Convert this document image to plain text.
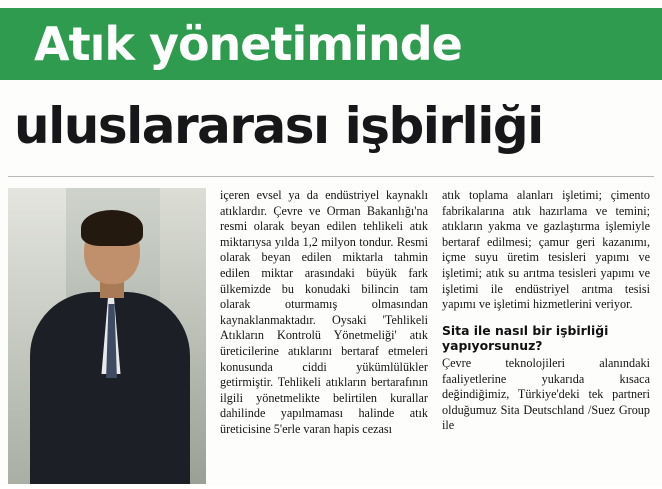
Atık yönetiminde
uluslararası işbirliği

içeren evsel ya da endüstriyel kaynaklı atıklardır. Çevre ve Orman Bakanlığı'na resmi olarak beyan edilen tehlikeli atık miktarıysa yılda 1,2 milyon tondur. Resmi olarak beyan edilen miktarla tahmin edilen miktar arasındaki büyük fark ülkemizde bu konudaki bilincin tam olarak oturmamış olmasından kaynaklanmaktadır. Oysaki 'Tehlikeli Atıkların Kontrolü Yönetmeliği' atık üreticilerine atıklarını bertaraf etmeleri konusunda ciddi yükümlülükler getirmiştir. Tehlikeli atıkların bertarafının ilgili yönetmelikte belirtilen kurallar dahilinde yapılmaması halinde atık üreticisine 5'erle varan hapis cezası

atık toplama alanları işletimi; çimento fabrikalarına atık hazırlama ve temini; atıkların yakma ve gazlaştırma işlemiyle bertaraf edilmesi; çamur geri kazanımı, içme suyu üretim tesisleri yapımı ve işletimi; atık su arıtma tesisleri yapımı ve işletimi ile endüstriyel arıtma tesisi yapımı ve işletimi hizmetlerini veriyor.

Sita ile nasıl bir işbirliği yapıyorsunuz?

Çevre teknolojileri alanındaki faaliyetlerine yukarıda kısaca değindiğimiz, Türkiye'deki tek partneri olduğumuz Sita Deutschland /Suez Group ile
